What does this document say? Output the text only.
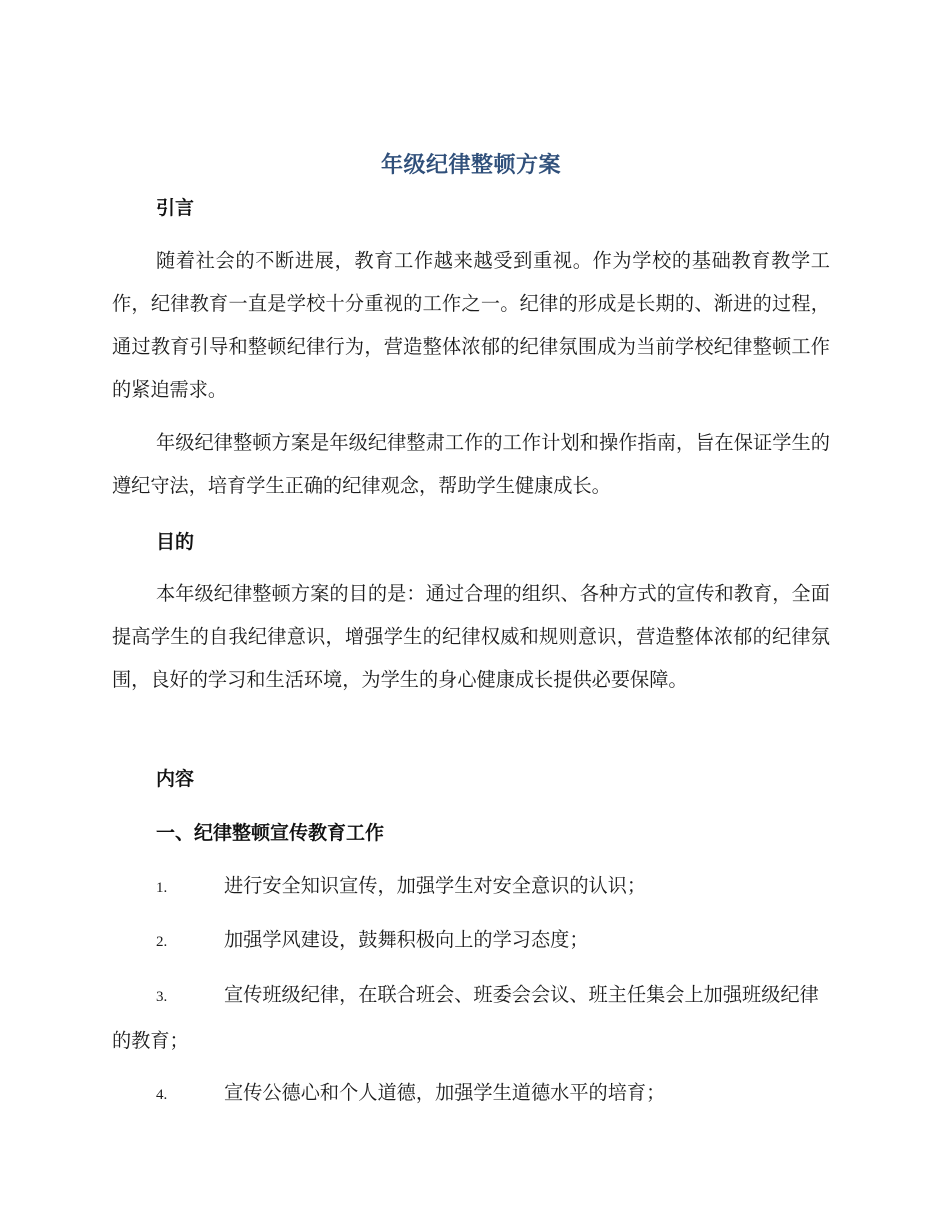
年级纪律整顿方案
引言

随着社会的不断进展，教育工作越来越受到重视。作为学校的基础教育教学工作，纪律教育一直是学校十分重视的工作之一。纪律的形成是长期的、渐进的过程，通过教育引导和整顿纪律行为，营造整体浓郁的纪律氛围成为当前学校纪律整顿工作的紧迫需求。

年级纪律整顿方案是年级纪律整肃工作的工作计划和操作指南，旨在保证学生的遵纪守法，培育学生正确的纪律观念，帮助学生健康成长。

目的

本年级纪律整顿方案的目的是：通过合理的组织、各种方式的宣传和教育，全面提高学生的自我纪律意识，增强学生的纪律权威和规则意识，营造整体浓郁的纪律氛围，良好的学习和生活环境，为学生的身心健康成长提供必要保障。

内容
一、纪律整顿宣传教育工作

1.	进行安全知识宣传，加强学生对安全意识的认识；

2.	加强学风建设，鼓舞积极向上的学习态度；

3.	宣传班级纪律，在联合班会、班委会会议、班主任集会上加强班级纪律的教育；

4.	宣传公德心和个人道德，加强学生道德水平的培育；
